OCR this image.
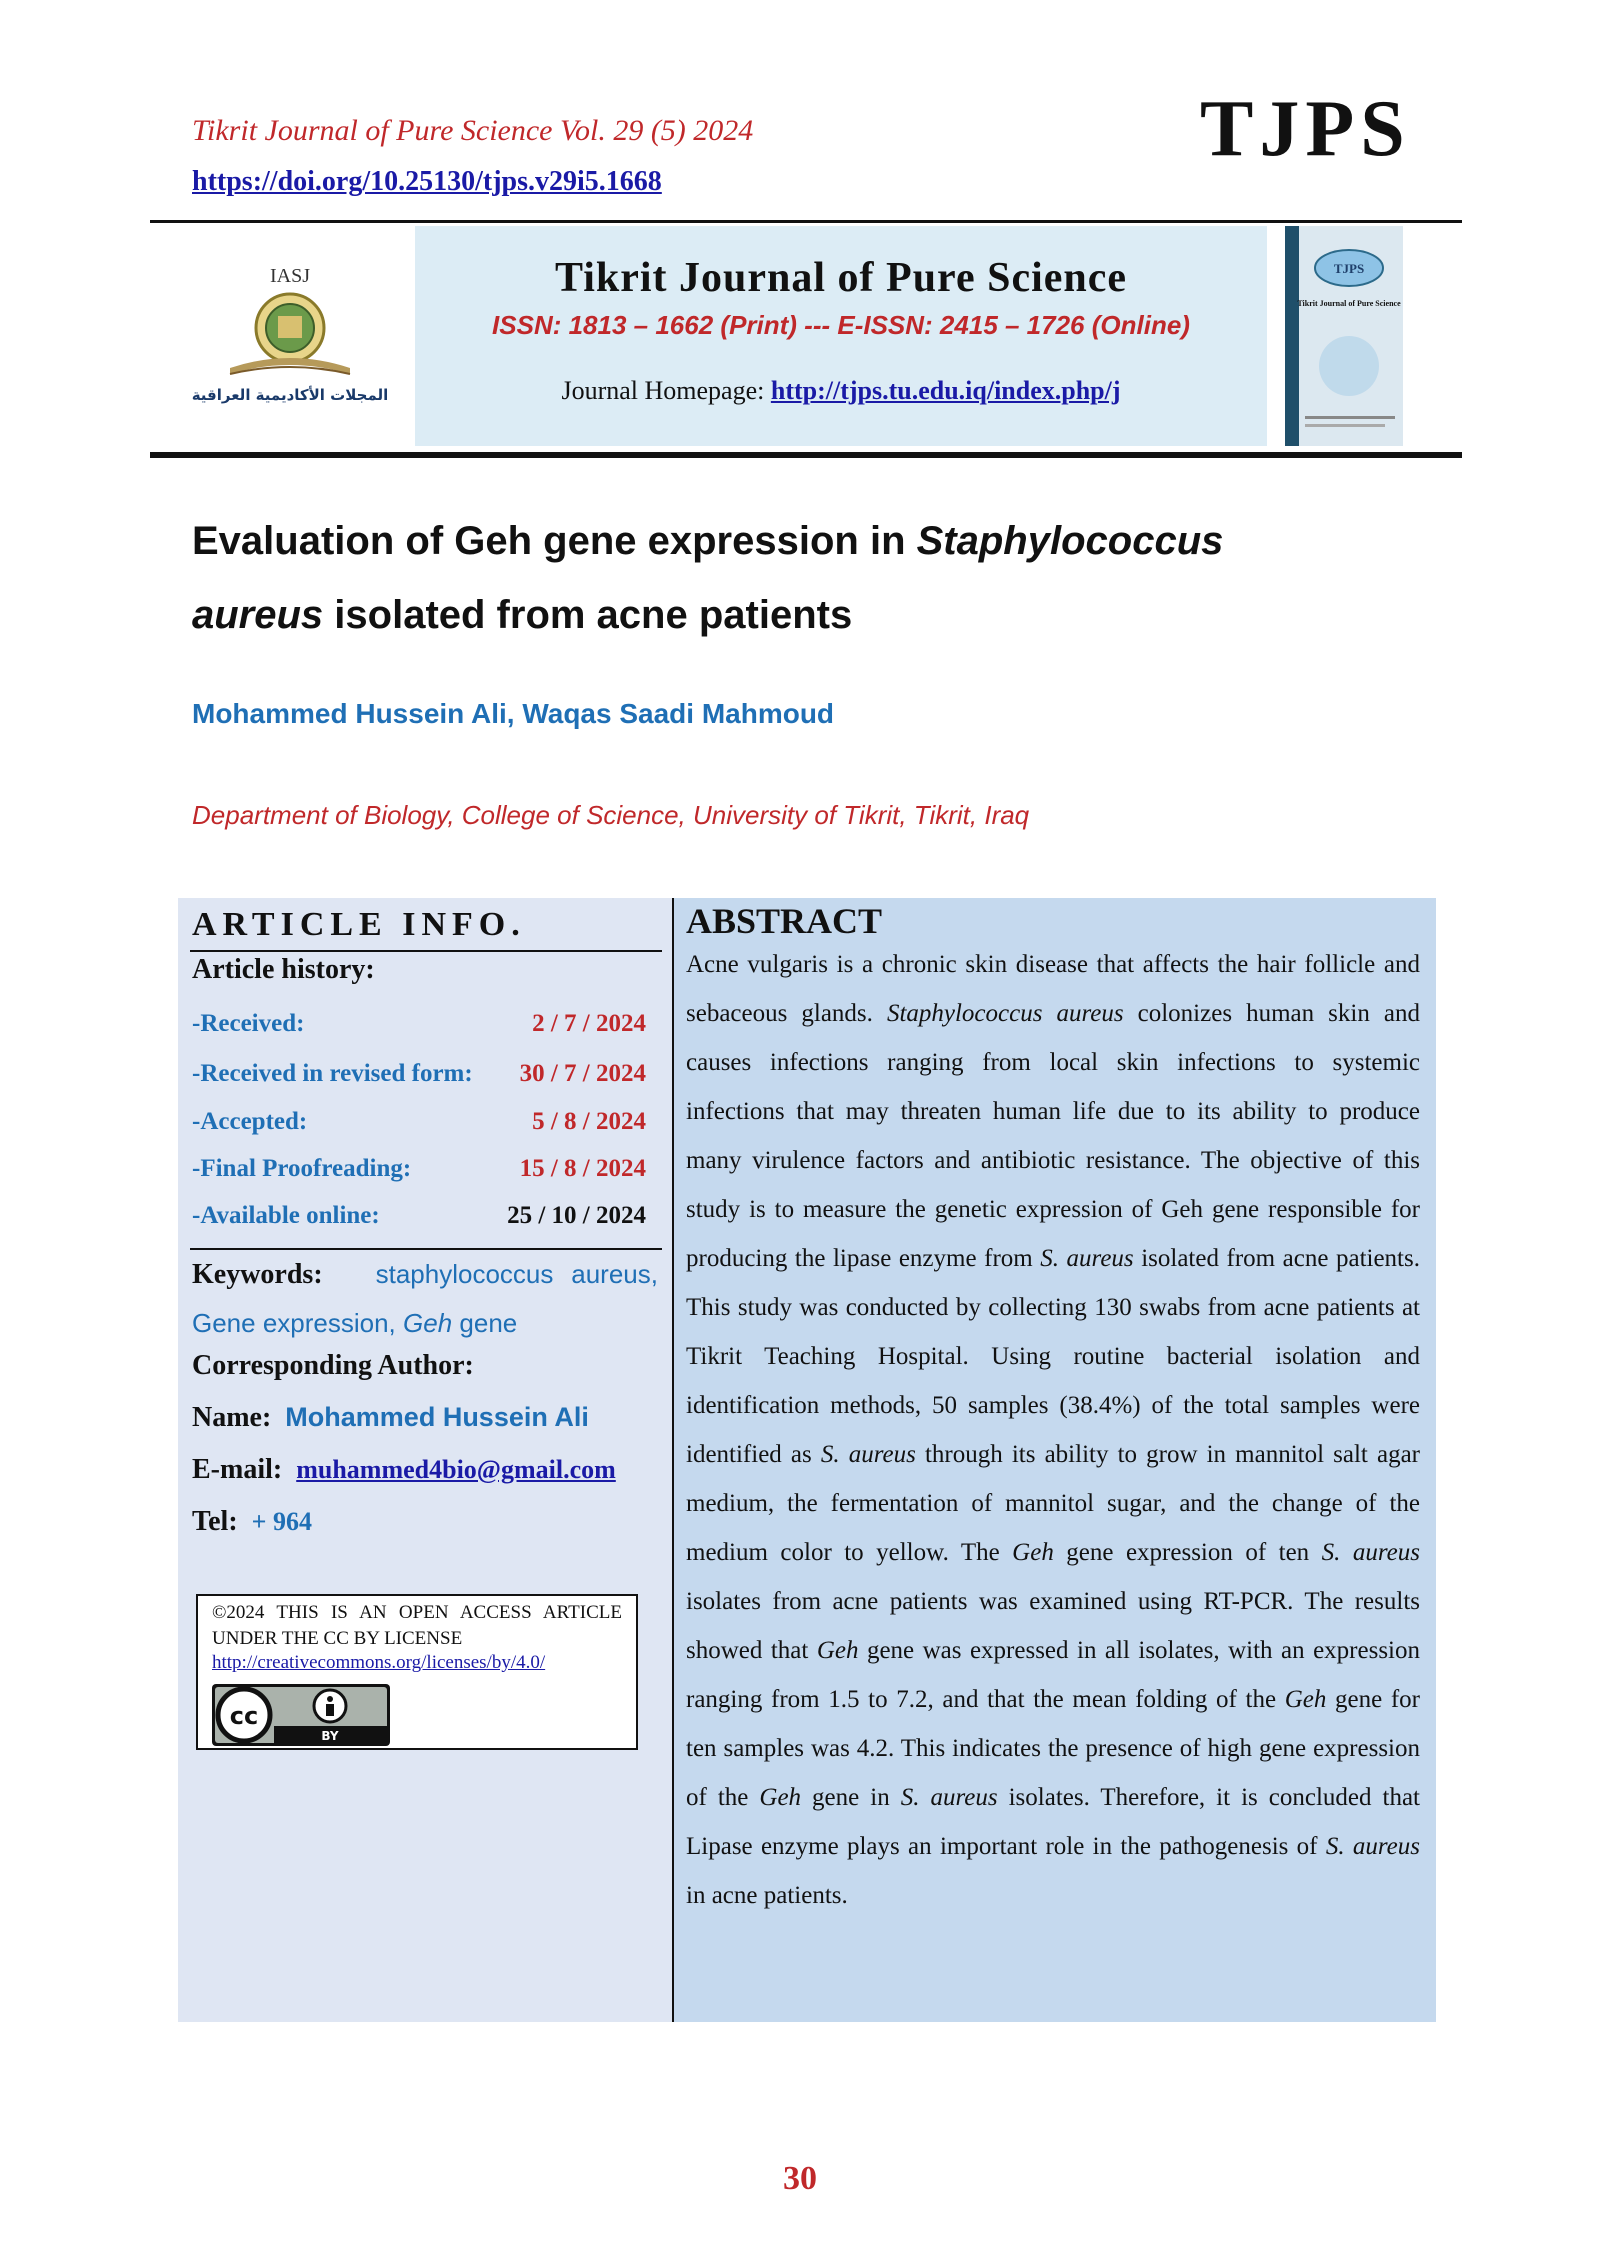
Tikrit Journal of Pure Science Vol. 29 (5) 2024
https://doi.org/10.25130/tjps.v29i5.1668
TJPS
IASJ
المجلات الأكاديمية العراقية
Tikrit Journal of Pure Science
ISSN: 1813 – 1662 (Print) --- E-ISSN: 2415 – 1726 (Online)
Journal Homepage: http://tjps.tu.edu.iq/index.php/j
TJPS
Tikrit Journal of Pure Science
Evaluation of Geh gene expression in Staphylococcus
aureus isolated from acne patients
Mohammed Hussein Ali, Waqas Saadi Mahmoud
Department of Biology, College of Science, University of Tikrit, Tikrit, Iraq
ARTICLE INFO.
Article history:
-Received:	2 / 7 / 2024
-Received in revised form: 30 / 7 / 2024
-Accepted:	5 / 8 / 2024
-Final Proofreading:	15 / 8 / 2024
-Available online:	25 / 10 / 2024
Keywords: staphylococcus aureus, Gene expression, Geh gene
Corresponding Author:
Name: Mohammed Hussein Ali
E-mail: muhammed4bio@gmail.com
Tel: + 964
©2024 THIS IS AN OPEN ACCESS ARTICLE UNDER THE CC BY LICENSE
http://creativecommons.org/licenses/by/4.0/
cc
BY
ABSTRACT
Acne vulgaris is a chronic skin disease that affects the hair follicle and sebaceous glands. Staphylococcus aureus colonizes human skin and causes infections ranging from local skin infections to systemic infections that may threaten human life due to its ability to produce many virulence factors and antibiotic resistance. The objective of this study is to measure the genetic expression of Geh gene responsible for producing the lipase enzyme from S. aureus isolated from acne patients. This study was conducted by collecting 130 swabs from acne patients at Tikrit Teaching Hospital. Using routine bacterial isolation and identification methods, 50 samples (38.4%) of the total samples were identified as S. aureus through its ability to grow in mannitol salt agar medium, the fermentation of mannitol sugar, and the change of the medium color to yellow. The Geh gene expression of ten S. aureus isolates from acne patients was examined using RT-PCR. The results showed that Geh gene was expressed in all isolates, with an expression ranging from 1.5 to 7.2, and that the mean folding of the Geh gene for ten samples was 4.2. This indicates the presence of high gene expression of the Geh gene in S. aureus isolates. Therefore, it is concluded that Lipase enzyme plays an important role in the pathogenesis of S. aureus in acne patients.
30
